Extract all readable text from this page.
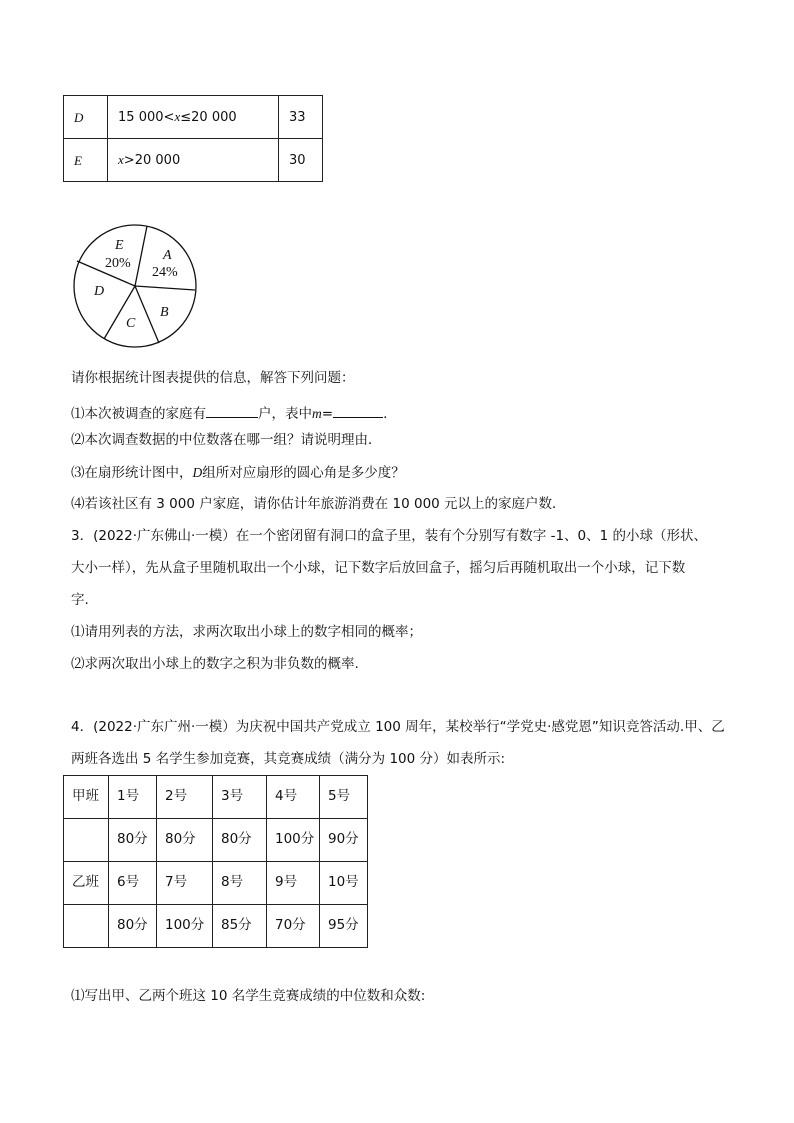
D	15 000<x≤20 000	33
E	x>20 000	30
A
24%
E
20%
D
C
B
请你根据统计图表提供的信息，解答下列问题：
⑴本次被调查的家庭有	户，表中m=	.
⑵本次调查数据的中位数落在哪一组？请说明理由．
⑶在扇形统计图中，D组所对应扇形的圆心角是多少度？
⑷若该社区有 3 000 户家庭，请你估计年旅游消费在 10 000 元以上的家庭户数．
3．(2022·广东佛山·一模）在一个密闭留有洞口的盒子里，装有个分别写有数字 -1、0、1 的小球（形状、
大小一样），先从盒子里随机取出一个小球，记下数字后放回盒子，摇匀后再随机取出一个小球，记下数
字.
⑴请用列表的方法，求两次取出小球上的数字相同的概率；
⑵求两次取出小球上的数字之积为非负数的概率.
4．(2022·广东广州·一模）为庆祝中国共产党成立 100 周年，某校举行“学党史·感党恩”知识竞答活动.甲、乙
两班各选出 5 名学生参加竞赛，其竞赛成绩（满分为 100 分）如表所示:
甲班	1号	2号	3号	4号	5号
	80分	80分	80分	100分	90分
乙班	6号	7号	8号	9号	10号
	80分	100分	85分	70分	95分
⑴写出甲、乙两个班这 10 名学生竞赛成绩的中位数和众数:
